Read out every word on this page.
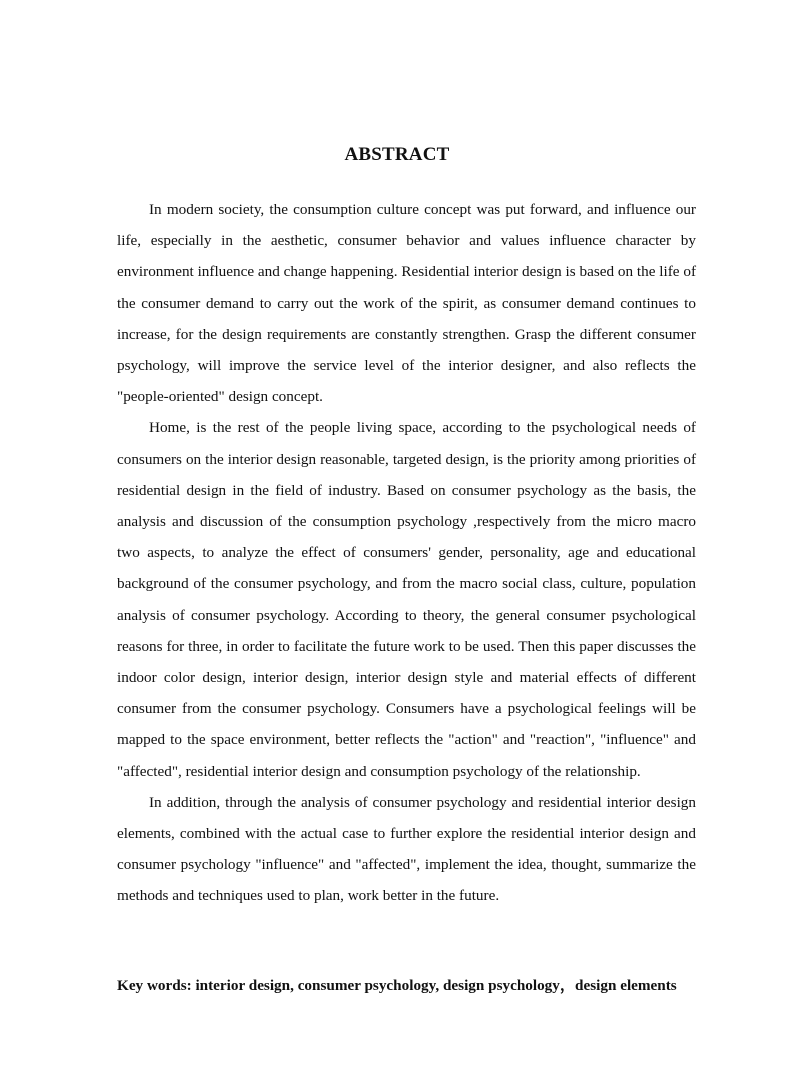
ABSTRACT

In modern society, the consumption culture concept was put forward, and influence our life, especially in the aesthetic, consumer behavior and values influence character by environment influence and change happening. Residential interior design is based on the life of the consumer demand to carry out the work of the spirit, as consumer demand continues to increase, for the design requirements are constantly strengthen. Grasp the different consumer psychology, will improve the service level of the interior designer, and also reflects the "people-oriented" design concept.

Home, is the rest of the people living space, according to the psychological needs of consumers on the interior design reasonable, targeted design, is the priority among priorities of residential design in the field of industry. Based on consumer psychology as the basis, the analysis and discussion of the consumption psychology ,respectively from the micro macro two aspects, to analyze the effect of consumers' gender, personality, age and educational background of the consumer psychology, and from the macro social class, culture, population analysis of consumer psychology. According to theory, the general consumer psychological reasons for three, in order to facilitate the future work to be used. Then this paper discusses the indoor color design, interior design, interior design style and material effects of different consumer from the consumer psychology. Consumers have a psychological feelings will be mapped to the space environment, better reflects the "action" and "reaction", "influence" and "affected", residential interior design and consumption psychology of the relationship.

In addition, through the analysis of consumer psychology and residential interior design elements, combined with the actual case to further explore the residential interior design and consumer psychology "influence" and "affected", implement the idea, thought, summarize the methods and techniques used to plan, work better in the future.

Key words: interior design, consumer psychology, design psychology，design elements
